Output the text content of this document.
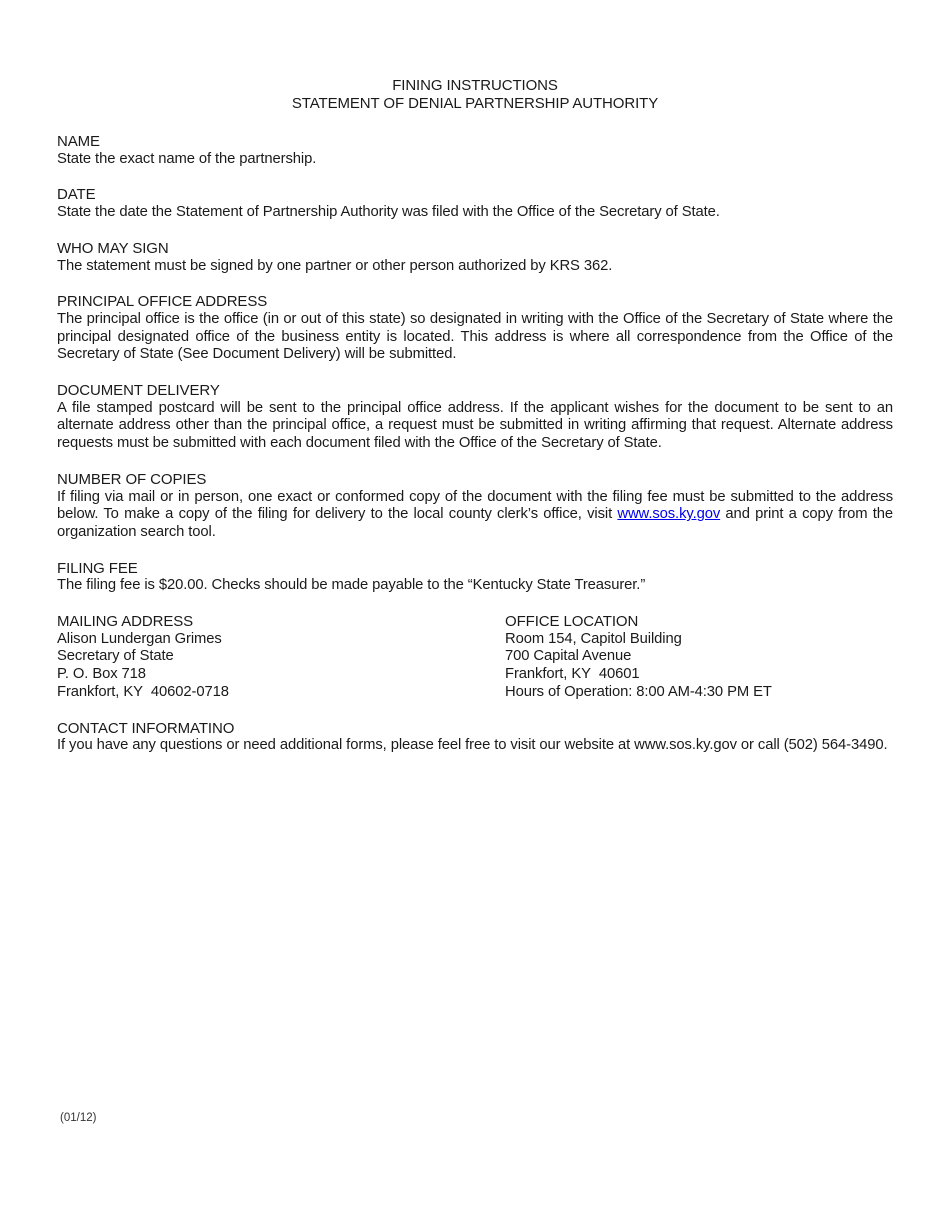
FINING INSTRUCTIONS
STATEMENT OF DENIAL PARTNERSHIP AUTHORITY
NAME

State the exact name of the partnership.

DATE

State the date the Statement of Partnership Authority was filed with the Office of the Secretary of State.

WHO MAY SIGN

The statement must be signed by one partner or other person authorized by KRS 362.

PRINCIPAL OFFICE ADDRESS

The principal office is the office (in or out of this state) so designated in writing with the Office of the Secretary of State where the principal designated office of the business entity is located. This address is where all correspondence from the Office of the Secretary of State (See Document Delivery) will be submitted.

DOCUMENT DELIVERY

A file stamped postcard will be sent to the principal office address. If the applicant wishes for the document to be sent to an alternate address other than the principal office, a request must be submitted in writing affirming that request. Alternate address requests must be submitted with each document filed with the Office of the Secretary of State.

NUMBER OF COPIES

If filing via mail or in person, one exact or conformed copy of the document with the filing fee must be submitted to the address below. To make a copy of the filing for delivery to the local county clerk’s office, visit www.sos.ky.gov and print a copy from the organization search tool.

FILING FEE

The filing fee is $20.00. Checks should be made payable to the “Kentucky State Treasurer.”

MAILING ADDRESS

Alison Lundergan Grimes

Secretary of State

P. O. Box 718

Frankfort, KY  40602-0718

OFFICE LOCATION

Room 154, Capitol Building

700 Capital Avenue

Frankfort, KY  40601

Hours of Operation: 8:00 AM-4:30 PM ET

CONTACT INFORMATINO

If you have any questions or need additional forms, please feel free to visit our website at www.sos.ky.gov or call (502) 564-3490.

(01/12)
